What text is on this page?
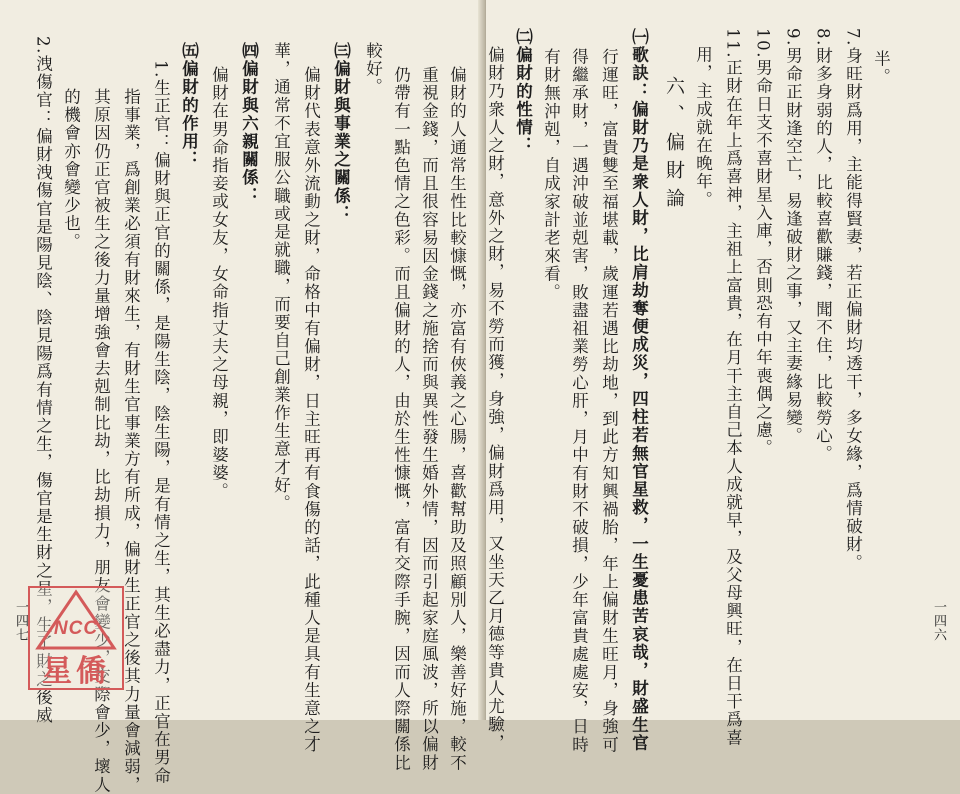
偏財的人通常生性比較慷慨，亦富有俠義之心腸，喜歡幫助及照顧別人，樂善好施，較不
重視金錢，而且很容易因金錢之施捨而與異性發生婚外情，因而引起家庭風波，所以偏財
仍帶有一點色情之色彩。而且偏財的人，由於生性慷慨，富有交際手腕，因而人際關係比
較好。
㈢偏財與事業之關係：
偏財代表意外流動之財，命格中有偏財，日主旺再有食傷的話，此種人是具有生意之才
華，通常不宜服公職或是就職，而要自己創業作生意才好。
㈣偏財與六親關係：
偏財在男命指妾或女友，女命指丈夫之母親，即婆婆。
㈤偏財的作用：
1.生正官：偏財與正官的關係，是陽生陰，陰生陽，是有情之生，其生必盡力，正官在男命
指事業，爲創業必須有財來生，有財生官事業方有所成，偏財生正官之後其力量會減弱，
其原因仍正官被生之後力量增強會去剋制比劫，比劫損力，朋友會變少，交際會少，壞人
的機會亦會變少也。
2.洩傷官：偏財洩傷官是陽見陰、陰見陽爲有情之生，傷官是生財之星，生了財之後威
一四七	NCC
星僑
半。
7.身旺財爲用，主能得賢妻，若正偏財均透干，多女緣，爲情破財。
8.財多身弱的人，比較喜歡賺錢，聞不住，比較勞心。
9.男命正財逢空亡，易逢破財之事，又主妻緣易變。
10.男命日支不喜財星入庫，否則恐有中年喪偶之慮。
11.正財在年上爲喜神，主祖上富貴，在月干主自己本人成就早，及父母興旺，在日干爲喜
用，主成就在晚年。
六、偏財論
㈠歌訣：偏財乃是衆人財，比肩劫奪便成災，四柱若無官星救，一生憂患苦哀哉，財盛生官
行運旺，富貴雙至福堪載，歲運若遇比劫地，到此方知興禍胎，年上偏財生旺月，身強可
得繼承財，一遇沖破並剋害，敗盡祖業勞心肝，月中有財不破損，少年富貴處處安，日時
有財無沖剋，自成家計老來看。
㈡偏財的性情：
偏財乃衆人之財，意外之財，易不勞而獲，身強，偏財爲用，又坐天乙月德等貴人尤驗，	一四六
